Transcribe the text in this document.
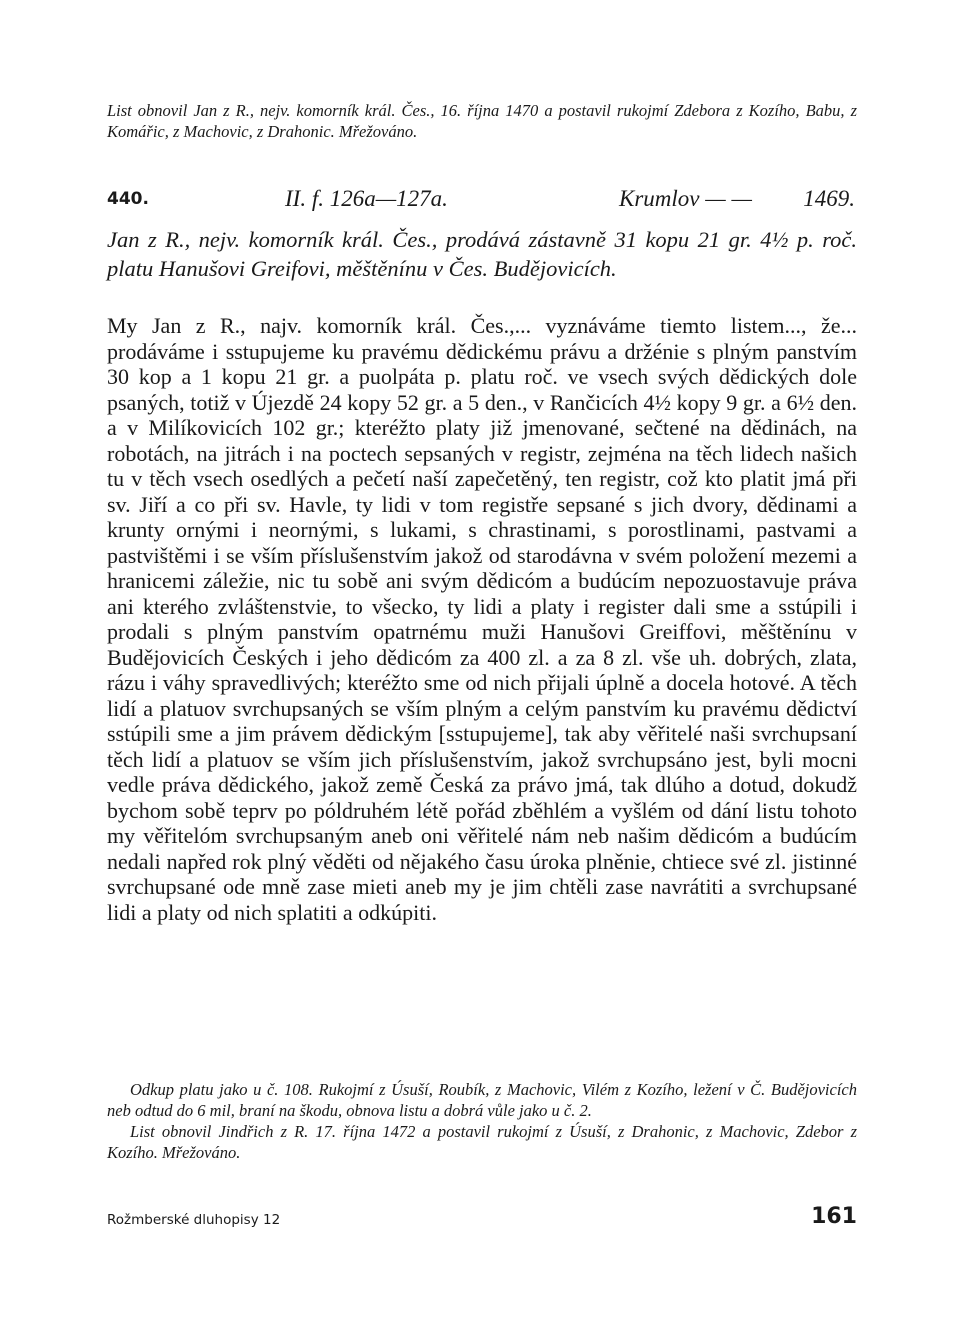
List obnovil Jan z R., nejv. komorník král. Čes., 16. října 1470 a postavil rukojmí Zdebora z Kozího, Babu, z Komářic, z Machovic, z Drahonic. Mřežováno.
440.	II. f. 126a—127a.	Krumlov — — 1469.
Jan z R., nejv. komorník král. Čes., prodává zástavně 31 kopu 21 gr. 4½ p. roč. platu Hanušovi Greifovi, měštěnínu v Čes. Budějovicích.
My Jan z R., najv. komorník král. Čes.,... vyznáváme tiemto listem..., že... prodáváme i sstupujeme ku pravému dědickému právu a držénie s plným panstvím 30 kop a 1 kopu 21 gr. a puolpáta p. platu roč. ve vsech svých dědických dole psaných, totiž v Újezdě 24 kopy 52 gr. a 5 den., v Rančicích 4½ kopy 9 gr. a 6½ den. a v Milíkovicích 102 gr.; kteréžto platy již jmenované, sečtené na dědinách, na robotách, na jitrách i na poctech sepsaných v registr, zejména na těch lidech našich tu v těch vsech osedlých a pečetí naší zapečetěný, ten registr, což kto platit jmá při sv. Jiří a co při sv. Havle, ty lidi v tom registře sepsané s jich dvory, dědinami a krunty ornými i neornými, s lukami, s chrastinami, s porostlinami, pastvami a pastvištěmi i se vším příslušenstvím jakož od starodávna v svém položení mezemi a hranicemi záležie, nic tu sobě ani svým dědicóm a budúcím nepozuostavuje práva ani kterého zvláštenstvie, to všecko, ty lidi a platy i register dali sme a sstúpili i prodali s plným panstvím opatrnému muži Hanušovi Greiffovi, měštěnínu v Budějovicích Českých i jeho dědicóm za 400 zl. a za 8 zl. vše uh. dobrých, zlata, rázu i váhy spravedlivých; kteréžto sme od nich přijali úplně a docela hotové. A těch lidí a platuov svrchupsaných se vším plným a celým panstvím ku pravému dědictví sstúpili sme a jim právem dědickým [sstupujeme], tak aby věřitelé naši svrchupsaní těch lidí a platuov se vším jich příslušenstvím, jakož svrchupsáno jest, byli mocni vedle práva dědického, jakož země Česká za právo jmá, tak dlúho a dotud, dokudž bychom sobě teprv po póldruhém létě pořád zběhlém a vyšlém od dání listu tohoto my věřitelóm svrchupsaným aneb oni věřitelé nám neb našim dědicóm a budúcím nedali napřed rok plný věděti od nějakého času úroka plněnie, chtiece své zl. jistinné svrchupsané ode mně zase mieti aneb my je jim chtěli zase navrátiti a svrchupsané lidi a platy od nich splatiti a odkúpiti.

Odkup platu jako u č. 108. Rukojmí z Úsuší, Roubík, z Machovic, Vilém z Kozího, ležení v Č. Budějovicích neb odtud do 6 mil, braní na škodu, obnova listu a dobrá vůle jako u č. 2.

List obnovil Jindřich z R. 17. října 1472 a postavil rukojmí z Úsuší, z Drahonic, z Machovic, Zdebor z Kozího. Mřežováno.

Rožmberské dluhopisy 12	161
